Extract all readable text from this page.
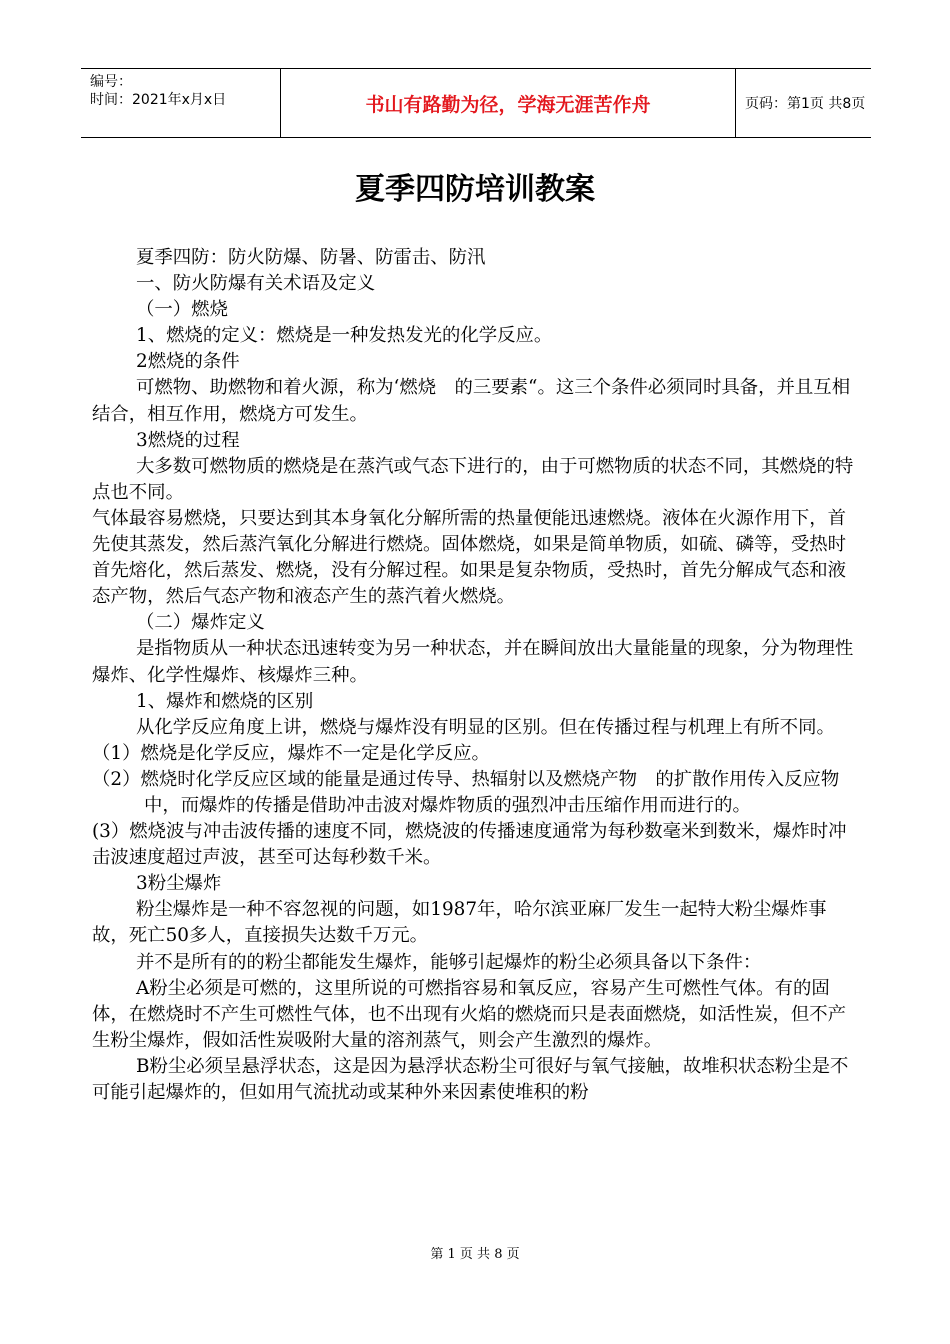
编号：
时间：2021年x月x日	书山有路勤为径，学海无涯苦作舟	页码：第1页 共8页
夏季四防培训教案

夏季四防：防火防爆、防暑、防雷击、防汛

一、防火防爆有关术语及定义

（一）燃烧

1、燃烧的定义：燃烧是一种发热发光的化学反应。

2燃烧的条件

可燃物、助燃物和着火源，称为‘燃烧　的三要素“。这三个条件必须同时具备，并且互相结合，相互作用，燃烧方可发生。

3燃烧的过程

大多数可燃物质的燃烧是在蒸汽或气态下进行的，由于可燃物质的状态不同，其燃烧的特点也不同。

气体最容易燃烧，只要达到其本身氧化分解所需的热量便能迅速燃烧。液体在火源作用下，首先使其蒸发，然后蒸汽氧化分解进行燃烧。固体燃烧，如果是简单物质，如硫、磷等，受热时首先熔化，然后蒸发、燃烧，没有分解过程。如果是复杂物质，受热时，首先分解成气态和液态产物，然后气态产物和液态产生的蒸汽着火燃烧。

（二）爆炸定义

是指物质从一种状态迅速转变为另一种状态，并在瞬间放出大量能量的现象，分为物理性爆炸、化学性爆炸、核爆炸三种。

1、爆炸和燃烧的区别

从化学反应角度上讲，燃烧与爆炸没有明显的区别。但在传播过程与机理上有所不同。

（1）燃烧是化学反应，爆炸不一定是化学反应。

（2）燃烧时化学反应区域的能量是通过传导、热辐射以及燃烧产物　的扩散作用传入反应物中，而爆炸的传播是借助冲击波对爆炸物质的强烈冲击压缩作用而进行的。

(3）燃烧波与冲击波传播的速度不同，燃烧波的传播速度通常为每秒数毫米到数米，爆炸时冲击波速度超过声波，甚至可达每秒数千米。

3粉尘爆炸

粉尘爆炸是一种不容忽视的问题，如1987年，哈尔滨亚麻厂发生一起特大粉尘爆炸事故，死亡50多人，直接损失达数千万元。

并不是所有的的粉尘都能发生爆炸，能够引起爆炸的粉尘必须具备以下条件：

A粉尘必须是可燃的，这里所说的可燃指容易和氧反应，容易产生可燃性气体。有的固体，在燃烧时不产生可燃性气体，也不出现有火焰的燃烧而只是表面燃烧，如活性炭，但不产生粉尘爆炸，假如活性炭吸附大量的溶剂蒸气，则会产生激烈的爆炸。

B粉尘必须呈悬浮状态，这是因为悬浮状态粉尘可很好与氧气接触，故堆积状态粉尘是不可能引起爆炸的，但如用气流扰动或某种外来因素使堆积的粉

第 1 页 共 8 页
